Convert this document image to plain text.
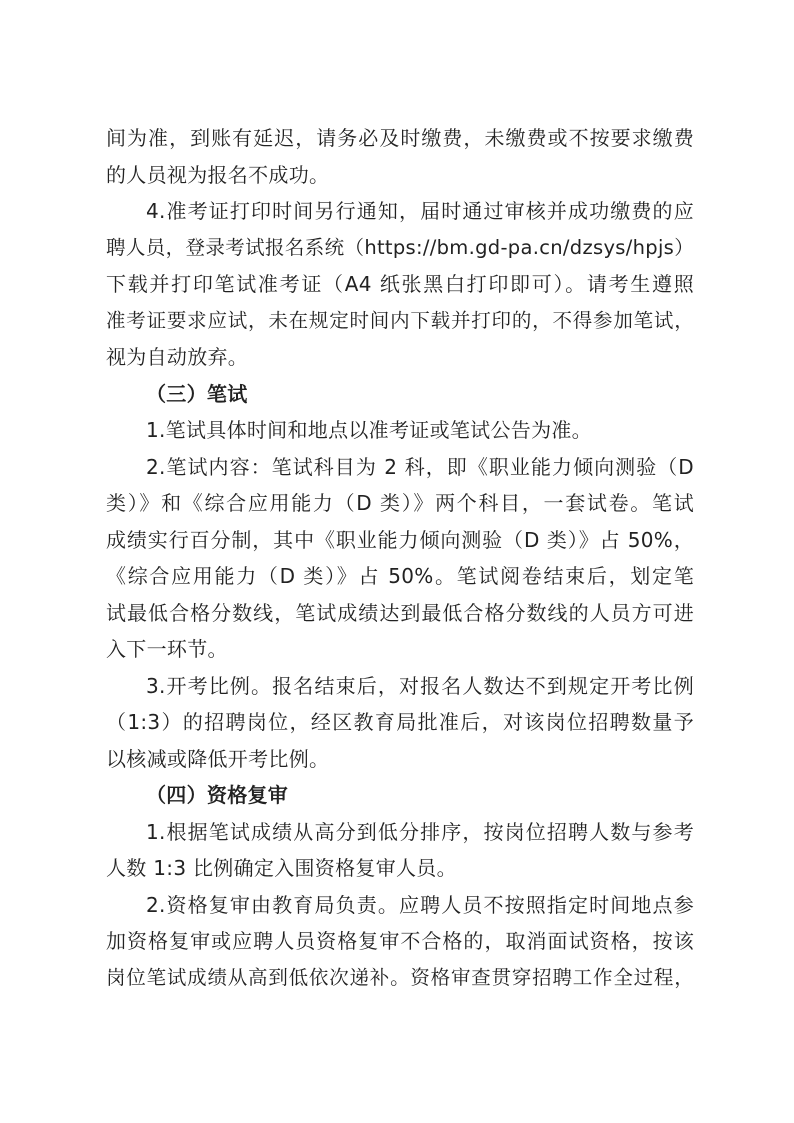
间为准，到账有延迟，请务必及时缴费，未缴费或不按要求缴费
的人员视为报名不成功。
4.准考证打印时间另行通知，届时通过审核并成功缴费的应
聘人员，登录考试报名系统（https://bm.gd-pa.cn/dzsys/hpjs）
下载并打印笔试准考证（A4 纸张黑白打印即可）。请考生遵照
准考证要求应试，未在规定时间内下载并打印的，不得参加笔试，
视为自动放弃。
（三）笔试
1.笔试具体时间和地点以准考证或笔试公告为准。
2.笔试内容：笔试科目为 2 科，即《职业能力倾向测验（D
类）》和《综合应用能力（D 类）》两个科目，一套试卷。笔试
成绩实行百分制，其中《职业能力倾向测验（D 类）》占 50%，
《综合应用能力（D 类）》占 50%。笔试阅卷结束后，划定笔
试最低合格分数线，笔试成绩达到最低合格分数线的人员方可进
入下一环节。
3.开考比例。报名结束后，对报名人数达不到规定开考比例
（1:3）的招聘岗位，经区教育局批准后，对该岗位招聘数量予
以核减或降低开考比例。
（四）资格复审
1.根据笔试成绩从高分到低分排序，按岗位招聘人数与参考
人数 1:3 比例确定入围资格复审人员。
2.资格复审由教育局负责。应聘人员不按照指定时间地点参
加资格复审或应聘人员资格复审不合格的，取消面试资格，按该
岗位笔试成绩从高到低依次递补。资格审查贯穿招聘工作全过程，
